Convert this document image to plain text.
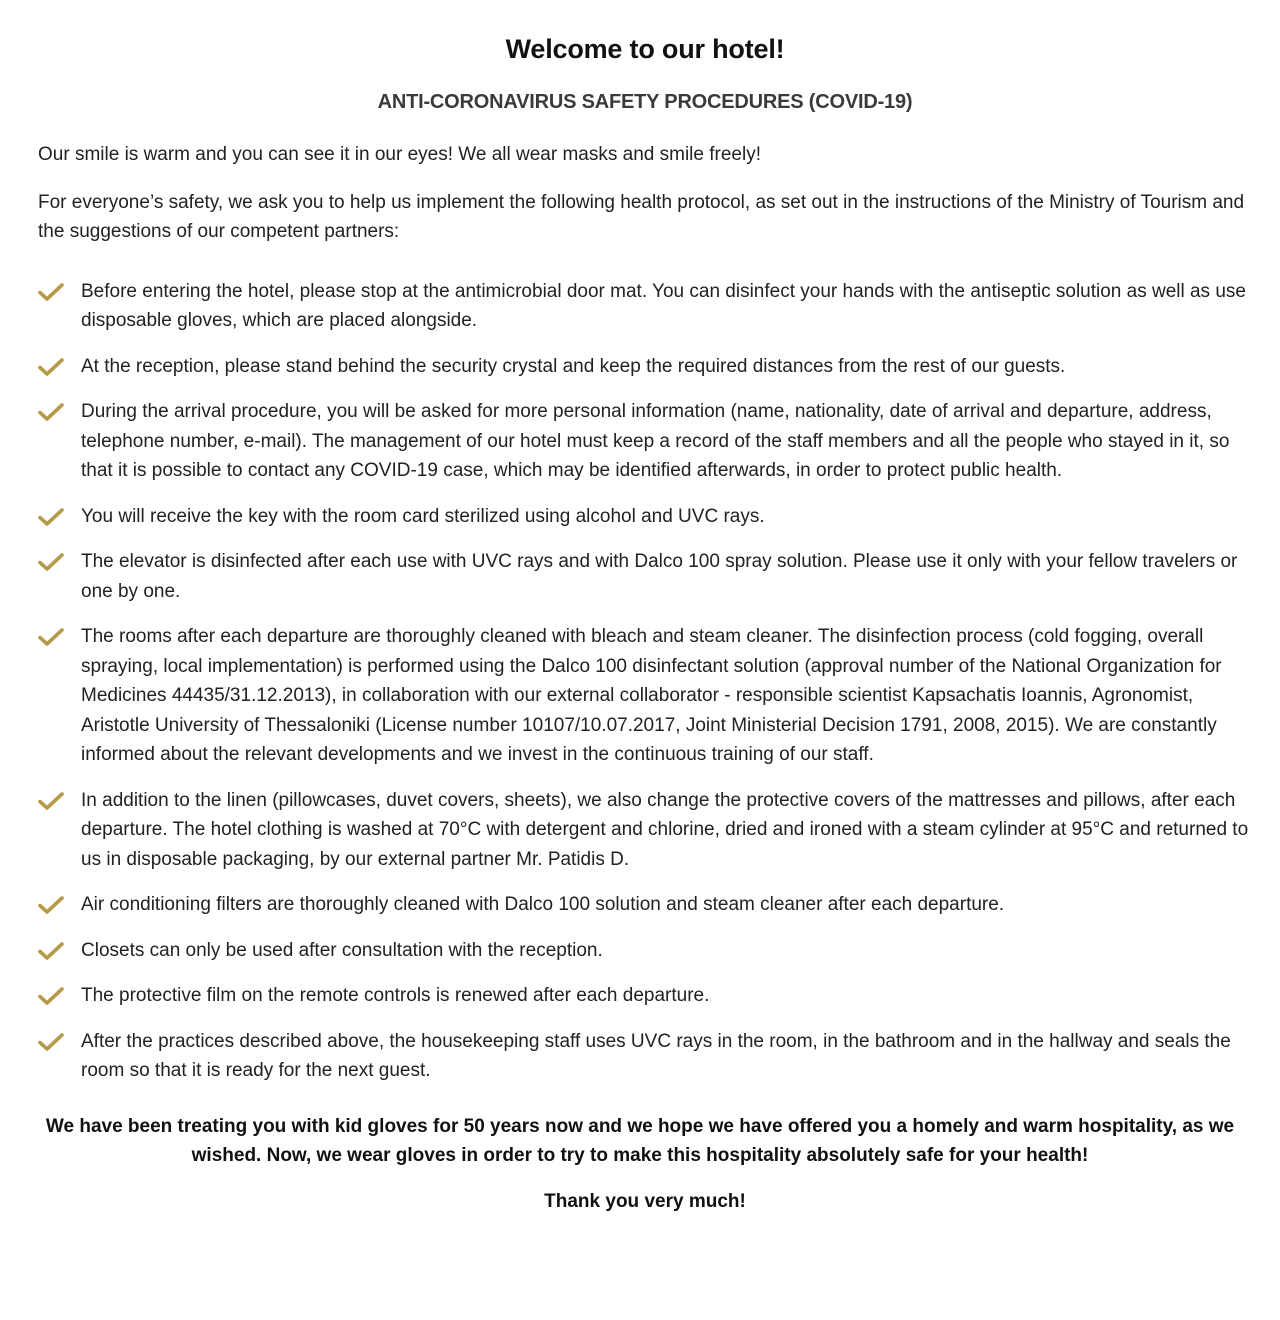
Welcome to our hotel!
ANTI-CORONAVIRUS SAFETY PROCEDURES (COVID-19)

Our smile is warm and you can see it in our eyes! We all wear masks and smile freely!

For everyone’s safety, we ask you to help us implement the following health protocol, as set out in the instructions of the Ministry of Tourism and the suggestions of our competent partners:

Before entering the hotel, please stop at the antimicrobial door mat. You can disinfect your hands with the antiseptic solution as well as use disposable gloves, which are placed alongside.
At the reception, please stand behind the security crystal and keep the required distances from the rest of our guests.
During the arrival procedure, you will be asked for more personal information (name, nationality, date of arrival and departure, address, telephone number, e-mail). The management of our hotel must keep a record of the staff members and all the people who stayed in it, so that it is possible to contact any COVID-19 case, which may be identified afterwards, in order to protect public health.
You will receive the key with the room card sterilized using alcohol and UVC rays.
The elevator is disinfected after each use with UVC rays and with Dalco 100 spray solution. Please use it only with your fellow travelers or one by one.
The rooms after each departure are thoroughly cleaned with bleach and steam cleaner. The disinfection process (cold fogging, overall spraying, local implementation) is performed using the Dalco 100 disinfectant solution (approval number of the National Organization for Medicines 44435/31.12.2013), in collaboration with our external collaborator - responsible scientist Kapsachatis Ioannis, Agronomist, Aristotle University of Thessaloniki (License number 10107/10.07.2017, Joint Ministerial Decision 1791, 2008, 2015). We are constantly informed about the relevant developments and we invest in the continuous training of our staff.
In addition to the linen (pillowcases, duvet covers, sheets), we also change the protective covers of the mattresses and pillows, after each departure. The hotel clothing is washed at 70°C with detergent and chlorine, dried and ironed with a steam cylinder at 95°C and returned to us in disposable packaging, by our external partner Mr. Patidis D.
Air conditioning filters are thoroughly cleaned with Dalco 100 solution and steam cleaner after each departure.
Closets can only be used after consultation with the reception.
The protective film on the remote controls is renewed after each departure.
After the practices described above, the housekeeping staff uses UVC rays in the room, in the bathroom and in the hallway and seals the room so that it is ready for the next guest.

We have been treating you with kid gloves for 50 years now and we hope we have offered you a homely and warm hospitality, as we wished. Now, we wear gloves in order to try to make this hospitality absolutely safe for your health!

Thank you very much!
